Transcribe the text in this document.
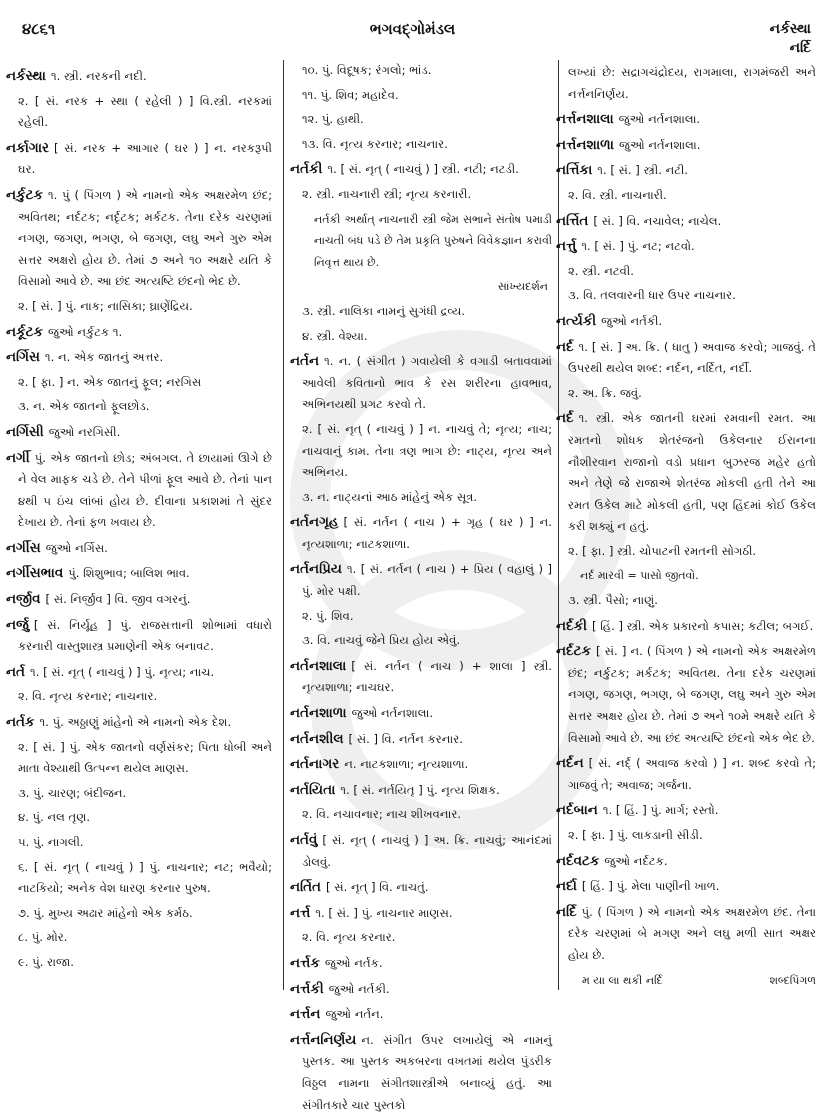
૪૮૬૧	ભગવદ્ગોમંડલ	નર્કસ્થા
નર્દિ
નર્કસ્થા ૧. સ્ત્રી. નરકની નદી.
૨. [ સં. નરક + સ્થા ( રહેલી ) ] વિ.સ્ત્રી. નરકમાં રહેલી.
નર્કાગાર [ સં. નરક + આગાર ( ઘર ) ] ન. નરકરૂપી ઘર.
નર્કુટક ૧. પું ( પિંગળ ) એ નામનો એક અક્ષરમેળ છંદ; અવિતથ; નર્દટક; નર્દૃટક; મર્કટક. તેના દરેક ચરણમાં નગણ, જગણ, ભગણ, બે જગણ, લઘુ અને ગુરુ એમ સત્તર અક્ષરો હોય છે. તેમાં ૭ અને ૧૦ અક્ષરે યતિ કે વિસામો આવે છે. આ છંદ અત્યષ્ટિ છંદનો ભેદ છે.
૨. [ સં. ] પું. નાક; નાસિકા; ઘ્રાણેંદ્રિય.
નર્કૂટક જુઓ નર્કુટક ૧.
નર્ગિસ ૧. ન. એક જાતનું અત્તર.
૨. [ ફા. ] ન. એક જાતનું ફૂલ; નરગિસ
૩. ન. એક જાતનો ફૂલછોડ.
નર્ગિસી જુઓ નરગિસી.
નર્ગી પું. એક જાતનો છોડ; અંબગલ. તે છાયામાં ઊગે છે ને વેલ માફક ચડે છે. તેને પીળાં ફૂલ આવે છે. તેનાં પાન ૪થી ૫ ઇંચ લાંબાં હોય છે. દીવાના પ્રકાશમાં તે સુંદર દેખાય છે. તેનાં ફળ ખવાય છે.
નર્ગીસ જુઓ નર્ગિસ.
નર્ગીસભાવ પું. શિશુભાવ; બાલિશ ભાવ.
નર્જીવ [ સં. નિર્જીવ ] વિ. જીવ વગરનું.
નર્જુ [ સં. નિર્યૂહ ] પું. રાજસત્તાની શોભામાં વધારો કરનારી વાસ્તુશાસ્ત્ર પ્રમાણેની એક બનાવટ.
નર્ત ૧. [ સં. નૃત્ ( નાચવું ) ] પું. નૃત્ય; નાચ.
૨. વિ. નૃત્ય કરનાર; નાચનાર.
નર્તક ૧. પું. અઠ્ઠાણું માંહેનો એ નામનો એક દેશ.
૨. [ સં. ] પું. એક જાતનો વર્ણસંકર; પિતા ધોબી અને માતા વેશ્યાથી ઉત્પન્ન થયેલ માણસ.
૩. પું. ચારણ; બંદીજન.
૪. પું. નલ તૃણ.
૫. પું. નાગલી.
૬. [ સં. નૃત્ ( નાચવું ) ] પું. નાચનાર; નટ; ભવૈયો; નાટકિયો; અનેક વેશ ધારણ કરનાર પુરુષ.
૭. પું. મુખ્ય અઢાર માંહેનો એક કર્મઠ.
૮. પું. મોર.
૯. પું. રાજા.
૧૦. પું. વિદૂષક; રંગલો; ભાંડ.
૧૧. પું. શિવ; મહાદેવ.
૧૨. પું. હાથી.
૧૩. વિ. નૃત્ય કરનાર; નાચનાર.
નર્તકી ૧. [ સં. નૃત્ ( નાચવું ) ] સ્ત્રી. નટી; નટડી.
૨. સ્ત્રી. નાચનારી સ્ત્રી; નૃત્ય કરનારી.
નર્તકી અર્થાત્ નાચનારી સ્ત્રી જેમ સભાને સંતોષ પમાડી નાચતી બંધ પડે છે તેમ પ્રકૃતિ પુરુષને વિવેકજ્ઞાન કરાવી નિવૃત્ત થાય છે.
સાંખ્યદર્શન
૩. સ્ત્રી. નાલિકા નામનું સુગંધી દ્રવ્ય.
૪. સ્ત્રી. વેશ્યા.
નર્તન ૧. ન. ( સંગીત ) ગવાયેલી કે વગાડી બતાવવામાં આવેલી કવિતાનો ભાવ કે રસ શરીરના હાવભાવ, અભિનયથી પ્રગટ કરવો તે.
૨. [ સં. નૃત્ ( નાચવું ) ] ન. નાચવું તે; નૃત્ય; નાચ; નાચવાનું કામ. તેના ત્રણ ભાગ છે: નાટ્ય, નૃત્ય અને અભિનય.
૩. ન. નાટ્યનાં આઠ માંહેનું એક સૂત્ર.
નર્તનગૃહ [ સં. નર્તન ( નાચ ) + ગૃહ ( ઘર ) ] ન. નૃત્યશાળા; નાટકશાળા.
નર્તનપ્રિય ૧. [ સં. નર્તન ( નાચ ) + પ્રિય ( વહાલું ) ] પું. મોર પક્ષી.
૨. પું. શિવ.
૩. વિ. નાચવું જેને પ્રિય હોય એવું.
નર્તનશાલા [ સં. નર્તન ( નાચ ) + શાલા ] સ્ત્રી. નૃત્યશાળા; નાચઘર.
નર્તનશાળા જુઓ નર્તનશાલા.
નર્તનશીલ [ સં. ] વિ. નર્તન કરનાર.
નર્તનાગર ન. નાટકશાળા; નૃત્યશાળા.
નર્તયિતા ૧. [ સં. નર્તયિતૃ ] પું. નૃત્ય શિક્ષક.
૨. વિ. નચાવનાર; નાચ શીખવનાર.
નર્તવું [ સં. નૃત્ ( નાચવું ) ] અ. ક્રિ. નાચવું; આનંદમાં ડોલવું.
નર્તિત [ સં. નૃત્ ] વિ. નાચતું.
નર્ત્ત ૧. [ સં. ] પું. નાચનાર માણસ.
૨. વિ. નૃત્ય કરનાર.
નર્ત્તક જુઓ નર્તક.
નર્ત્તકી જુઓ નર્તકી.
નર્ત્તન જુઓ નર્તન.
નર્ત્તનનિર્ણય ન. સંગીત ઉપર લખાયેલું એ નામનું પુસ્તક. આ પુસ્તક અકબરના વખતમાં થયેલ પુંડરીક વિઠ્ઠલ નામના સંગીતશાસ્ત્રીએ બનાવ્યું હતું. આ સંગીતકારે ચાર પુસ્તકો
લખ્યાં છે: સદ્રાગચંદ્રોદય, રાગમાલા, રાગમંજરી અને નર્ત્તનનિર્ણય.
નર્ત્તનશાલા જુઓ નર્તનશાલા.
નર્ત્તનશાળા જુઓ નર્તનશાલા.
નર્ત્તિકા ૧. [ સં. ] સ્ત્રી. નટી.
૨. વિ. સ્ત્રી. નાચનારી.
નર્ત્તિત [ સં. ] વિ. નચાવેલ; નાચેલ.
નર્ત્તુ ૧. [ સં. ] પું. નટ; નટવો.
૨. સ્ત્રી. નટવી.
૩. વિ. તલવારની ધાર ઉપર નાચનાર.
નર્ત્યકી જુઓ નર્તકી.
નર્દ ૧. [ સં. ] અ. ક્રિ. ( ધાતુ ) અવાજ કરવો; ગાજવું. તે ઉપરથી થયેલ શબ્દ: નર્દન, નર્દિત, નર્દી.
૨. અ. ક્રિ. જવું.
નર્દ ૧. સ્ત્રી. એક જાતની ઘરમાં રમવાની રમત. આ રમતનો શોધક શેતરંજનો ઉકેલનાર ઈરાનના નૌશીરવાન રાજાનો વડો પ્રધાન બુઝરજ મહેર હતો અને તેણે જે રાજાએ શેતરંજ મોકલી હતી તેને આ રમત ઉકેલ માટે મોકલી હતી, પણ હિંદમાં કોઈ ઉકેલ કરી શક્યું ન હતું.
૨. [ ફા. ] સ્ત્રી. ચોપાટની રમતની સોગઠી.
નર્દ મારવી = પાસો જીતવો.
૩. સ્ત્રી. પૈસો; નાણું.
નર્દકી [ હિં. ] સ્ત્રી. એક પ્રકારનો કપાસ; કટીલ; બગઈ.
નર્દટક [ સં. ] ન. ( પિંગળ ) એ નામનો એક અક્ષરમેળ છંદ; નર્કુટક; મર્કટક; અવિતથ. તેના દરેક ચરણમાં નગણ, જગણ, ભગણ, બે જગણ, લઘુ અને ગુરુ એમ સત્તર અક્ષર હોય છે. તેમાં ૭ અને ૧૦મે અક્ષરે યતિ કે વિસામો આવે છે. આ છંદ અત્યષ્ટિ છંદનો એક ભેદ છે.
નર્દન [ સં. નર્દ્ ( અવાજ કરવો ) ] ન. શબ્દ કરવો તે; ગાજવું તે; અવાજ; ગર્જના.
નર્દબાન ૧. [ હિં. ] પું. માર્ગ; રસ્તો.
૨. [ ફા. ] પું. લાકડાની સીડી.
નર્દવટક જુઓ નર્દટક.
નર્દા [ હિં. ] પું. મેલા પાણીની ખાળ.
નર્દિ પું. ( પિંગળ ) એ નામનો એક અક્ષરમેળ છંદ. તેના દરેક ચરણમાં બે મગણ અને લઘુ મળી સાત અક્ષર હોય છે.
મ યા લા થકી નર્દિ	શબ્દપિંગળ
